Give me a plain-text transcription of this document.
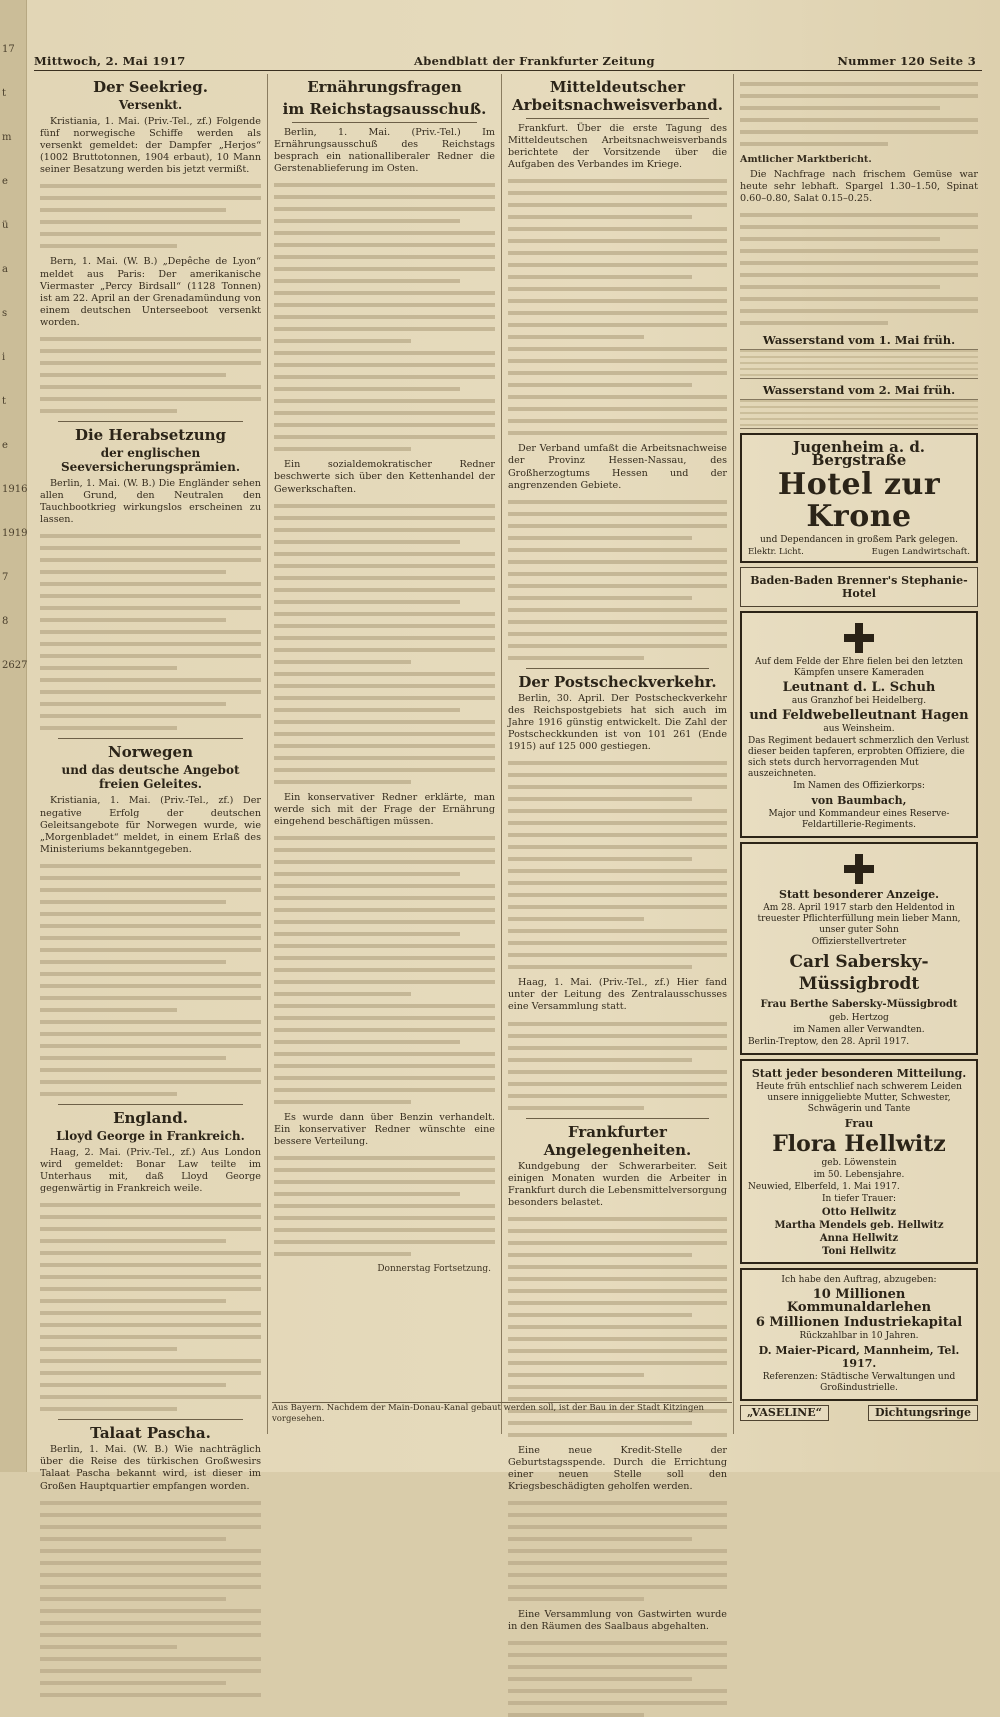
17
t
m
e
ü
a
s
i
t
e
1916
1919
7
8
2627
Mittwoch, 2. Mai 1917	Abendblatt der Frankfurter Zeitung	Nummer 120 Seite 3
Der Seekrieg.
Versenkt.

Kristiania, 1. Mai. (Priv.-Tel., zf.) Folgende fünf norwegische Schiffe werden als versenkt gemeldet: der Dampfer „Herjos“ (1002 Bruttotonnen, 1904 erbaut), 10 Mann seiner Besatzung werden bis jetzt vermißt.

Bern, 1. Mai. (W. B.) „Depêche de Lyon“ meldet aus Paris: Der amerikanische Viermaster „Percy Birdsall“ (1128 Tonnen) ist am 22. April an der Grenadamündung von einem deutschen Unterseeboot versenkt worden.

Die Herabsetzung
der englischen Seeversicherungsprämien.

Berlin, 1. Mai. (W. B.) Die Engländer sehen allen Grund, den Neutralen den Tauchbootkrieg wirkungslos erscheinen zu lassen.

Norwegen
und das deutsche Angebot freien Geleites.

Kristiania, 1. Mai. (Priv.-Tel., zf.) Der negative Erfolg der deutschen Geleitsangebote für Norwegen wurde, wie „Morgenbladet“ meldet, in einem Erlaß des Ministeriums bekanntgegeben.

England.
Lloyd George in Frankreich.

Haag, 2. Mai. (Priv.-Tel., zf.) Aus London wird gemeldet: Bonar Law teilte im Unterhaus mit, daß Lloyd George gegenwärtig in Frankreich weile.

Talaat Pascha.

Berlin, 1. Mai. (W. B.) Wie nachträglich über die Reise des türkischen Großwesirs Talaat Pascha bekannt wird, ist dieser im Großen Hauptquartier empfangen worden.

Ernährungsfragen
im Reichstagsausschuß.

Berlin, 1. Mai. (Priv.-Tel.) Im Ernährungsausschuß des Reichstags besprach ein nationalliberaler Redner die Gerstenablieferung im Osten.

Ein sozialdemokratischer Redner beschwerte sich über den Kettenhandel der Gewerkschaften.

Ein konservativer Redner erklärte, man werde sich mit der Frage der Ernährung eingehend beschäftigen müssen.

Es wurde dann über Benzin verhandelt. Ein konservativer Redner wünschte eine bessere Verteilung.

Donnerstag Fortsetzung.
Mitteldeutscher Arbeitsnachweisverband.

Frankfurt. Über die erste Tagung des Mitteldeutschen Arbeitsnachweisverbands berichtete der Vorsitzende über die Aufgaben des Verbandes im Kriege.

Der Verband umfaßt die Arbeitsnachweise der Provinz Hessen-Nassau, des Großherzogtums Hessen und der angrenzenden Gebiete.

Der Postscheckverkehr.

Berlin, 30. April. Der Postscheckverkehr des Reichspostgebiets hat sich auch im Jahre 1916 günstig entwickelt. Die Zahl der Postscheckkunden ist von 101 261 (Ende 1915) auf 125 000 gestiegen.

Haag, 1. Mai. (Priv.-Tel., zf.) Hier fand unter der Leitung des Zentralausschusses eine Versammlung statt.

Frankfurter Angelegenheiten.

Kundgebung der Schwerarbeiter. Seit einigen Monaten wurden die Arbeiter in Frankfurt durch die Lebensmittelversorgung besonders belastet.

Eine neue Kredit-Stelle der Geburtstagsspende. Durch die Errichtung einer neuen Stelle soll den Kriegsbeschädigten geholfen werden.

Eine Versammlung von Gastwirten wurde in den Räumen des Saalbaus abgehalten.

Aus Bayern. Nachdem der Main-Donau-Kanal gebaut werden soll, ist der Bau in der Stadt Kitzingen vorgesehen.

Amtlicher Marktbericht.

Die Nachfrage nach frischem Gemüse war heute sehr lebhaft. Spargel 1.30–1.50, Spinat 0.60–0.80, Salat 0.15–0.25.

Wasserstand vom 1. Mai früh.
Wasserstand vom 2. Mai früh.
Jugenheim a. d. Bergstraße
Hotel zur Krone
und Dependancen in großem Park gelegen.
Elektr. Licht.	Eugen Landwirtschaft.
Baden-Baden Brenner's Stephanie-Hotel
Auf dem Felde der Ehre fielen bei den letzten Kämpfen unsere Kameraden
Leutnant d. L. Schuh
aus Granzhof bei Heidelberg.
und Feldwebelleutnant Hagen
aus Weinsheim.
Das Regiment bedauert schmerzlich den Verlust dieser beiden tapferen, erprobten Offiziere, die sich stets durch hervorragenden Mut auszeichneten.
Im Namen des Offizierkorps:
von Baumbach,
Major und Kommandeur eines Reserve-Feldartillerie-Regiments.
Statt besonderer Anzeige.
Am 28. April 1917 starb den Heldentod in treuester Pflichterfüllung mein lieber Mann, unser guter Sohn
Offizierstellvertreter
Carl Sabersky-Müssigbrodt
Frau Berthe Sabersky-Müssigbrodt
geb. Hertzog
im Namen aller Verwandten.
Berlin-Treptow, den 28. April 1917.
Statt jeder besonderen Mitteilung.
Heute früh entschlief nach schwerem Leiden unsere inniggeliebte Mutter, Schwester, Schwägerin und Tante
Frau
Flora Hellwitz
geb. Löwenstein
im 50. Lebensjahre.
Neuwied, Elberfeld, 1. Mai 1917.
In tiefer Trauer:
Otto Hellwitz
Martha Mendels geb. Hellwitz
Anna Hellwitz
Toni Hellwitz
Ich habe den Auftrag, abzugeben:
10 Millionen Kommunaldarlehen
6 Millionen Industriekapital
Rückzahlbar in 10 Jahren.
D. Maier-Picard, Mannheim, Tel. 1917.
Referenzen: Städtische Verwaltungen und Großindustrielle.
„VASELINE“	Dichtungsringe
